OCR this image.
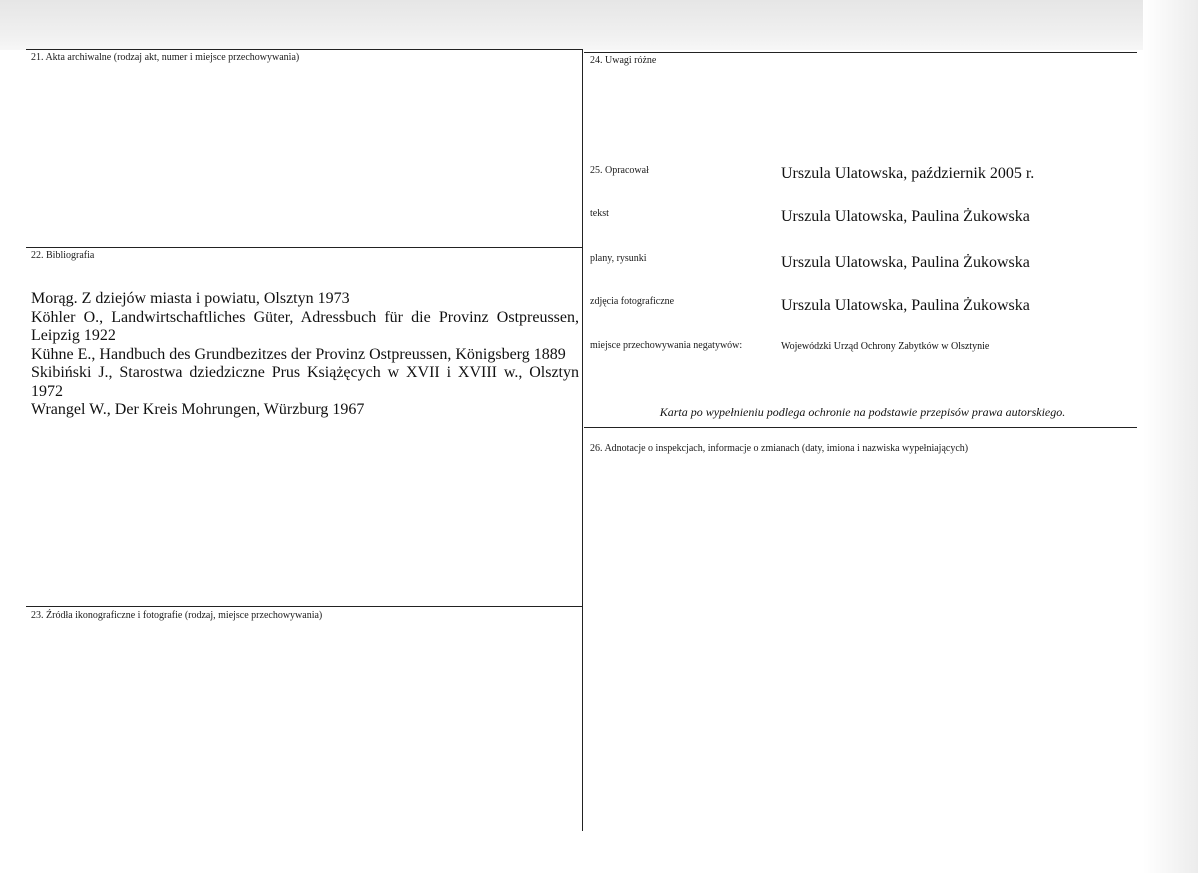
21. Akta archiwalne (rodzaj akt, numer i miejsce przechowywania)
22. Bibliografia
Morąg. Z dziejów miasta i powiatu, Olsztyn 1973
Köhler O., Landwirtschaftliches Güter, Adressbuch für die Provinz Ostpreussen, Leipzig 1922
Kühne E., Handbuch des Grundbezitzes der Provinz Ostpreussen, Königsberg 1889
Skibiński J., Starostwa dziedziczne Prus Książęcych w XVII i XVIII w., Olsztyn 1972
Wrangel W., Der Kreis Mohrungen, Würzburg 1967
23. Źródła ikonograficzne i fotografie (rodzaj, miejsce przechowywania)
24. Uwagi różne
25. Opracował	Urszula Ulatowska, październik 2005 r.
tekst	Urszula Ulatowska, Paulina Żukowska
plany, rysunki	Urszula Ulatowska, Paulina Żukowska
zdjęcia fotograficzne	Urszula Ulatowska, Paulina Żukowska
miejsce przechowywania negatywów:	Wojewódzki Urząd Ochrony Zabytków w Olsztynie
Karta po wypełnieniu podlega ochronie na podstawie przepisów prawa autorskiego.
26. Adnotacje o inspekcjach, informacje o zmianach (daty, imiona i nazwiska wypełniających)
